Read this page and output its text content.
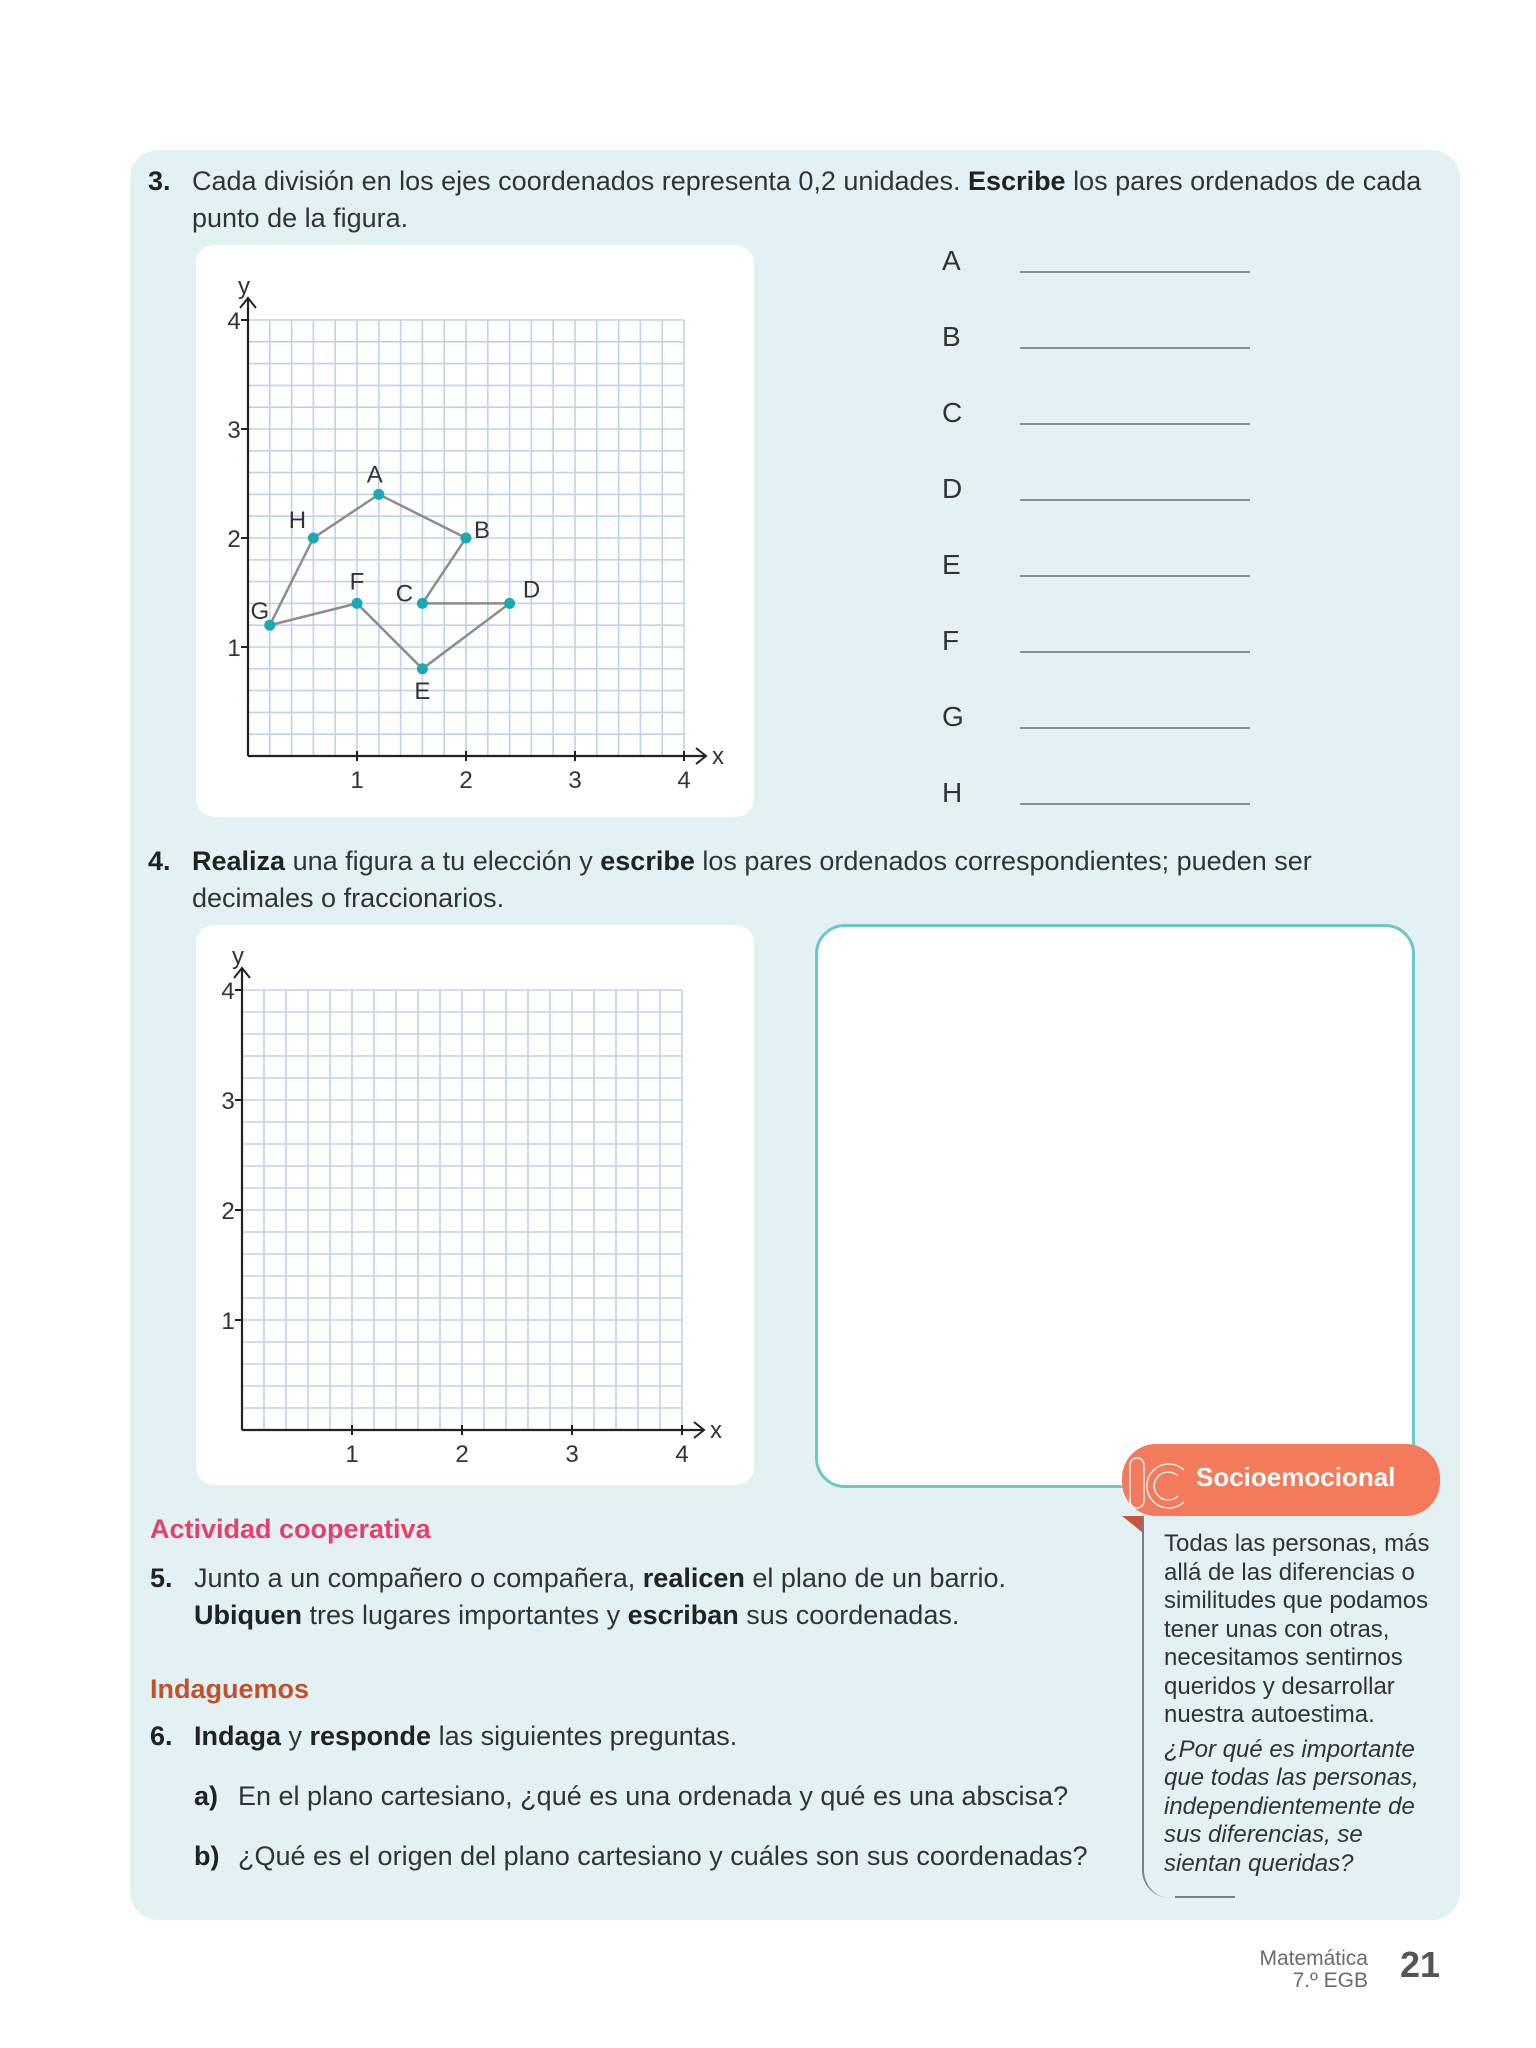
3. Cada división en los ejes coordenados representa 0,2 unidades. Escribe los pares ordenados de cada
punto de la figura.
x
y
1	2	3	4
1
2
3
4
A
B
C	D
E
F
G
H
A
B
C
D
E
F
G
H
4. Realiza una figura a tu elección y escribe los pares ordenados correspondientes; pueden ser
decimales o fraccionarios.
x
y
1	2	3	4
1
2
3
4
Socioemocional

Todas las personas, más allá de las diferencias o similitudes que podamos tener unas con otras, necesitamos sentirnos queridos y desarrollar nuestra autoestima.

¿Por qué es importante que todas las personas, independientemente de sus diferencias, se sientan queridas?

Actividad cooperativa
5. Junto a un compañero o compañera, realicen el plano de un barrio.
Ubiquen tres lugares importantes y escriban sus coordenadas.
Indaguemos
6. Indaga y responde las siguientes preguntas.
a) En el plano cartesiano, ¿qué es una ordenada y qué es una abscisa?
b) ¿Qué es el origen del plano cartesiano y cuáles son sus coordenadas?
Matemática
7.º EGB 21
